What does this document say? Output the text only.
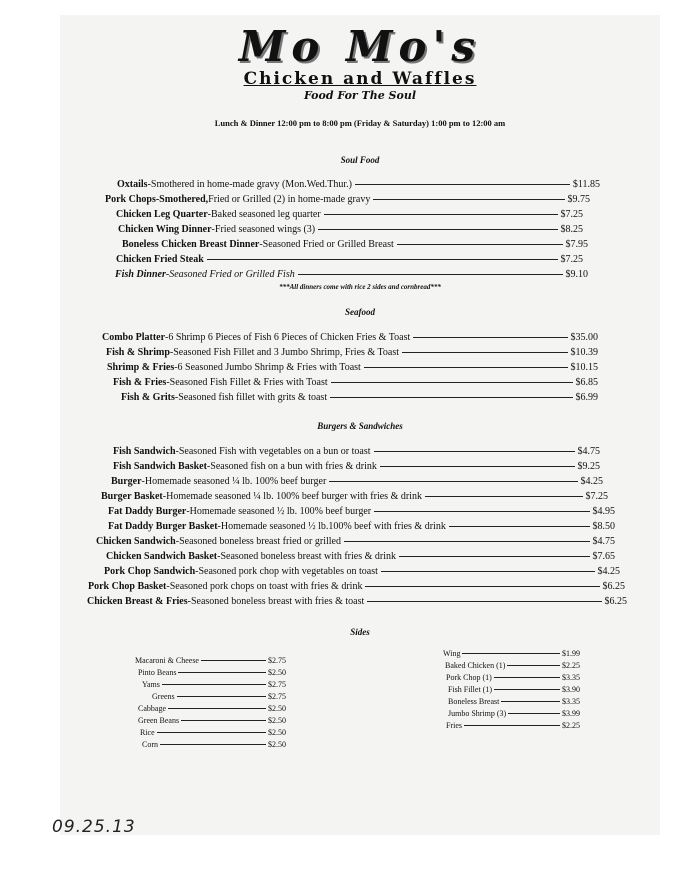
Mo Mo's
Chicken and Waffles
Food For The Soul
Lunch & Dinner 12:00 pm to 8:00 pm (Friday & Saturday) 1:00 pm to 12:00 am
Soul Food
Oxtails -Smothered in home-made gravy (Mon.Wed.Thur.)	$11.85
Pork Chops-Smothered, Fried or Grilled (2) in home-made gravy	$9.75
Chicken Leg Quarter -Baked seasoned leg quarter	$7.25
Chicken Wing Dinner -Fried seasoned wings (3)	$8.25
Boneless Chicken Breast Dinner -Seasoned Fried or Grilled Breast	$7.95
Chicken Fried Steak	$7.25
Fish Dinner -Seasoned Fried or Grilled Fish	$9.10
***All dinners come with rice 2 sides and cornbread***
Seafood
Combo Platter -6 Shrimp 6 Pieces of Fish 6 Pieces of Chicken Fries & Toast	$35.00
Fish & Shrimp -Seasoned Fish Fillet and 3 Jumbo Shrimp, Fries & Toast	$10.39
Shrimp & Fries -6 Seasoned Jumbo Shrimp & Fries with Toast	$10.15
Fish & Fries -Seasoned Fish Fillet & Fries with Toast	$6.85
Fish & Grits -Seasoned fish fillet with grits & toast	$6.99
Burgers & Sandwiches
Fish Sandwich -Seasoned Fish with vegetables on a bun or toast	$4.75
Fish Sandwich Basket -Seasoned fish on a bun with fries & drink	$9.25
Burger -Homemade seasoned ¼ lb. 100% beef burger	$4.25
Burger Basket -Homemade seasoned ¼ lb. 100% beef burger with fries & drink	$7.25
Fat Daddy Burger -Homemade seasoned ½ lb. 100% beef burger	$4.95
Fat Daddy Burger Basket -Homemade seasoned ½ lb.100% beef with fries & drink	$8.50
Chicken Sandwich -Seasoned boneless breast fried or grilled	$4.75
Chicken Sandwich Basket -Seasoned boneless breast with fries & drink	$7.65
Pork Chop Sandwich -Seasoned pork chop with vegetables on toast	$4.25
Pork Chop Basket -Seasoned pork chops on toast with fries & drink	$6.25
Chicken Breast & Fries -Seasoned boneless breast with fries & toast	$6.25
Sides
Macaroni & Cheese	$2.75
Pinto Beans	$2.50
Yams	$2.75
Greens	$2.75
Cabbage	$2.50
Green Beans	$2.50
Rice	$2.50
Corn	$2.50
Wing	$1.99
Baked Chicken (1)	$2.25
Pork Chop (1)	$3.35
Fish Fillet (1)	$3.90
Boneless Breast	$3.35
Jumbo Shrimp (3)	$3.99
Fries	$2.25
09.25.13
